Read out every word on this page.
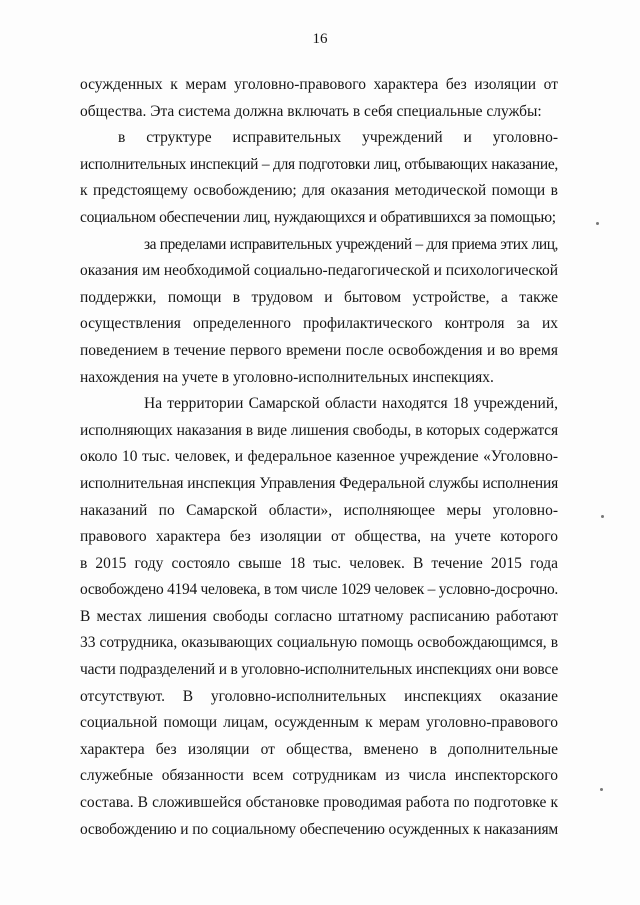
16
осужденных к мерам уголовно-правового характера без изоляции от
общества. Эта система должна включать в себя специальные службы:
в структуре исправительных учреждений и уголовно-
исполнительных инспекций – для подготовки лиц, отбывающих наказание,
к предстоящему освобождению; для оказания методической помощи в
социальном обеспечении лиц, нуждающихся и обратившихся за помощью;
за пределами исправительных учреждений – для приема этих лиц,
оказания им необходимой социально-педагогической и психологической
поддержки, помощи в трудовом и бытовом устройстве, а также
осуществления определенного профилактического контроля за их
поведением в течение первого времени после освобождения и во время
нахождения на учете в уголовно-исполнительных инспекциях.
На территории Самарской области находятся 18 учреждений,
исполняющих наказания в виде лишения свободы, в которых содержатся
около 10 тыс. человек, и федеральное казенное учреждение «Уголовно-
исполнительная инспекция Управления Федеральной службы исполнения
наказаний по Самарской области», исполняющее меры уголовно-
правового характера без изоляции от общества, на учете которого
в 2015 году состояло свыше 18 тыс. человек. В течение 2015 года
освобождено 4194 человека, в том числе 1029 человек – условно-досрочно.
В местах лишения свободы согласно штатному расписанию работают
33 сотрудника, оказывающих социальную помощь освобождающимся, в
части подразделений и в уголовно-исполнительных инспекциях они вовсе
отсутствуют. В уголовно-исполнительных инспекциях оказание
социальной помощи лицам, осужденным к мерам уголовно-правового
характера без изоляции от общества, вменено в дополнительные
служебные обязанности всем сотрудникам из числа инспекторского
состава. В сложившейся обстановке проводимая работа по подготовке к
освобождению и по социальному обеспечению осужденных к наказаниям
